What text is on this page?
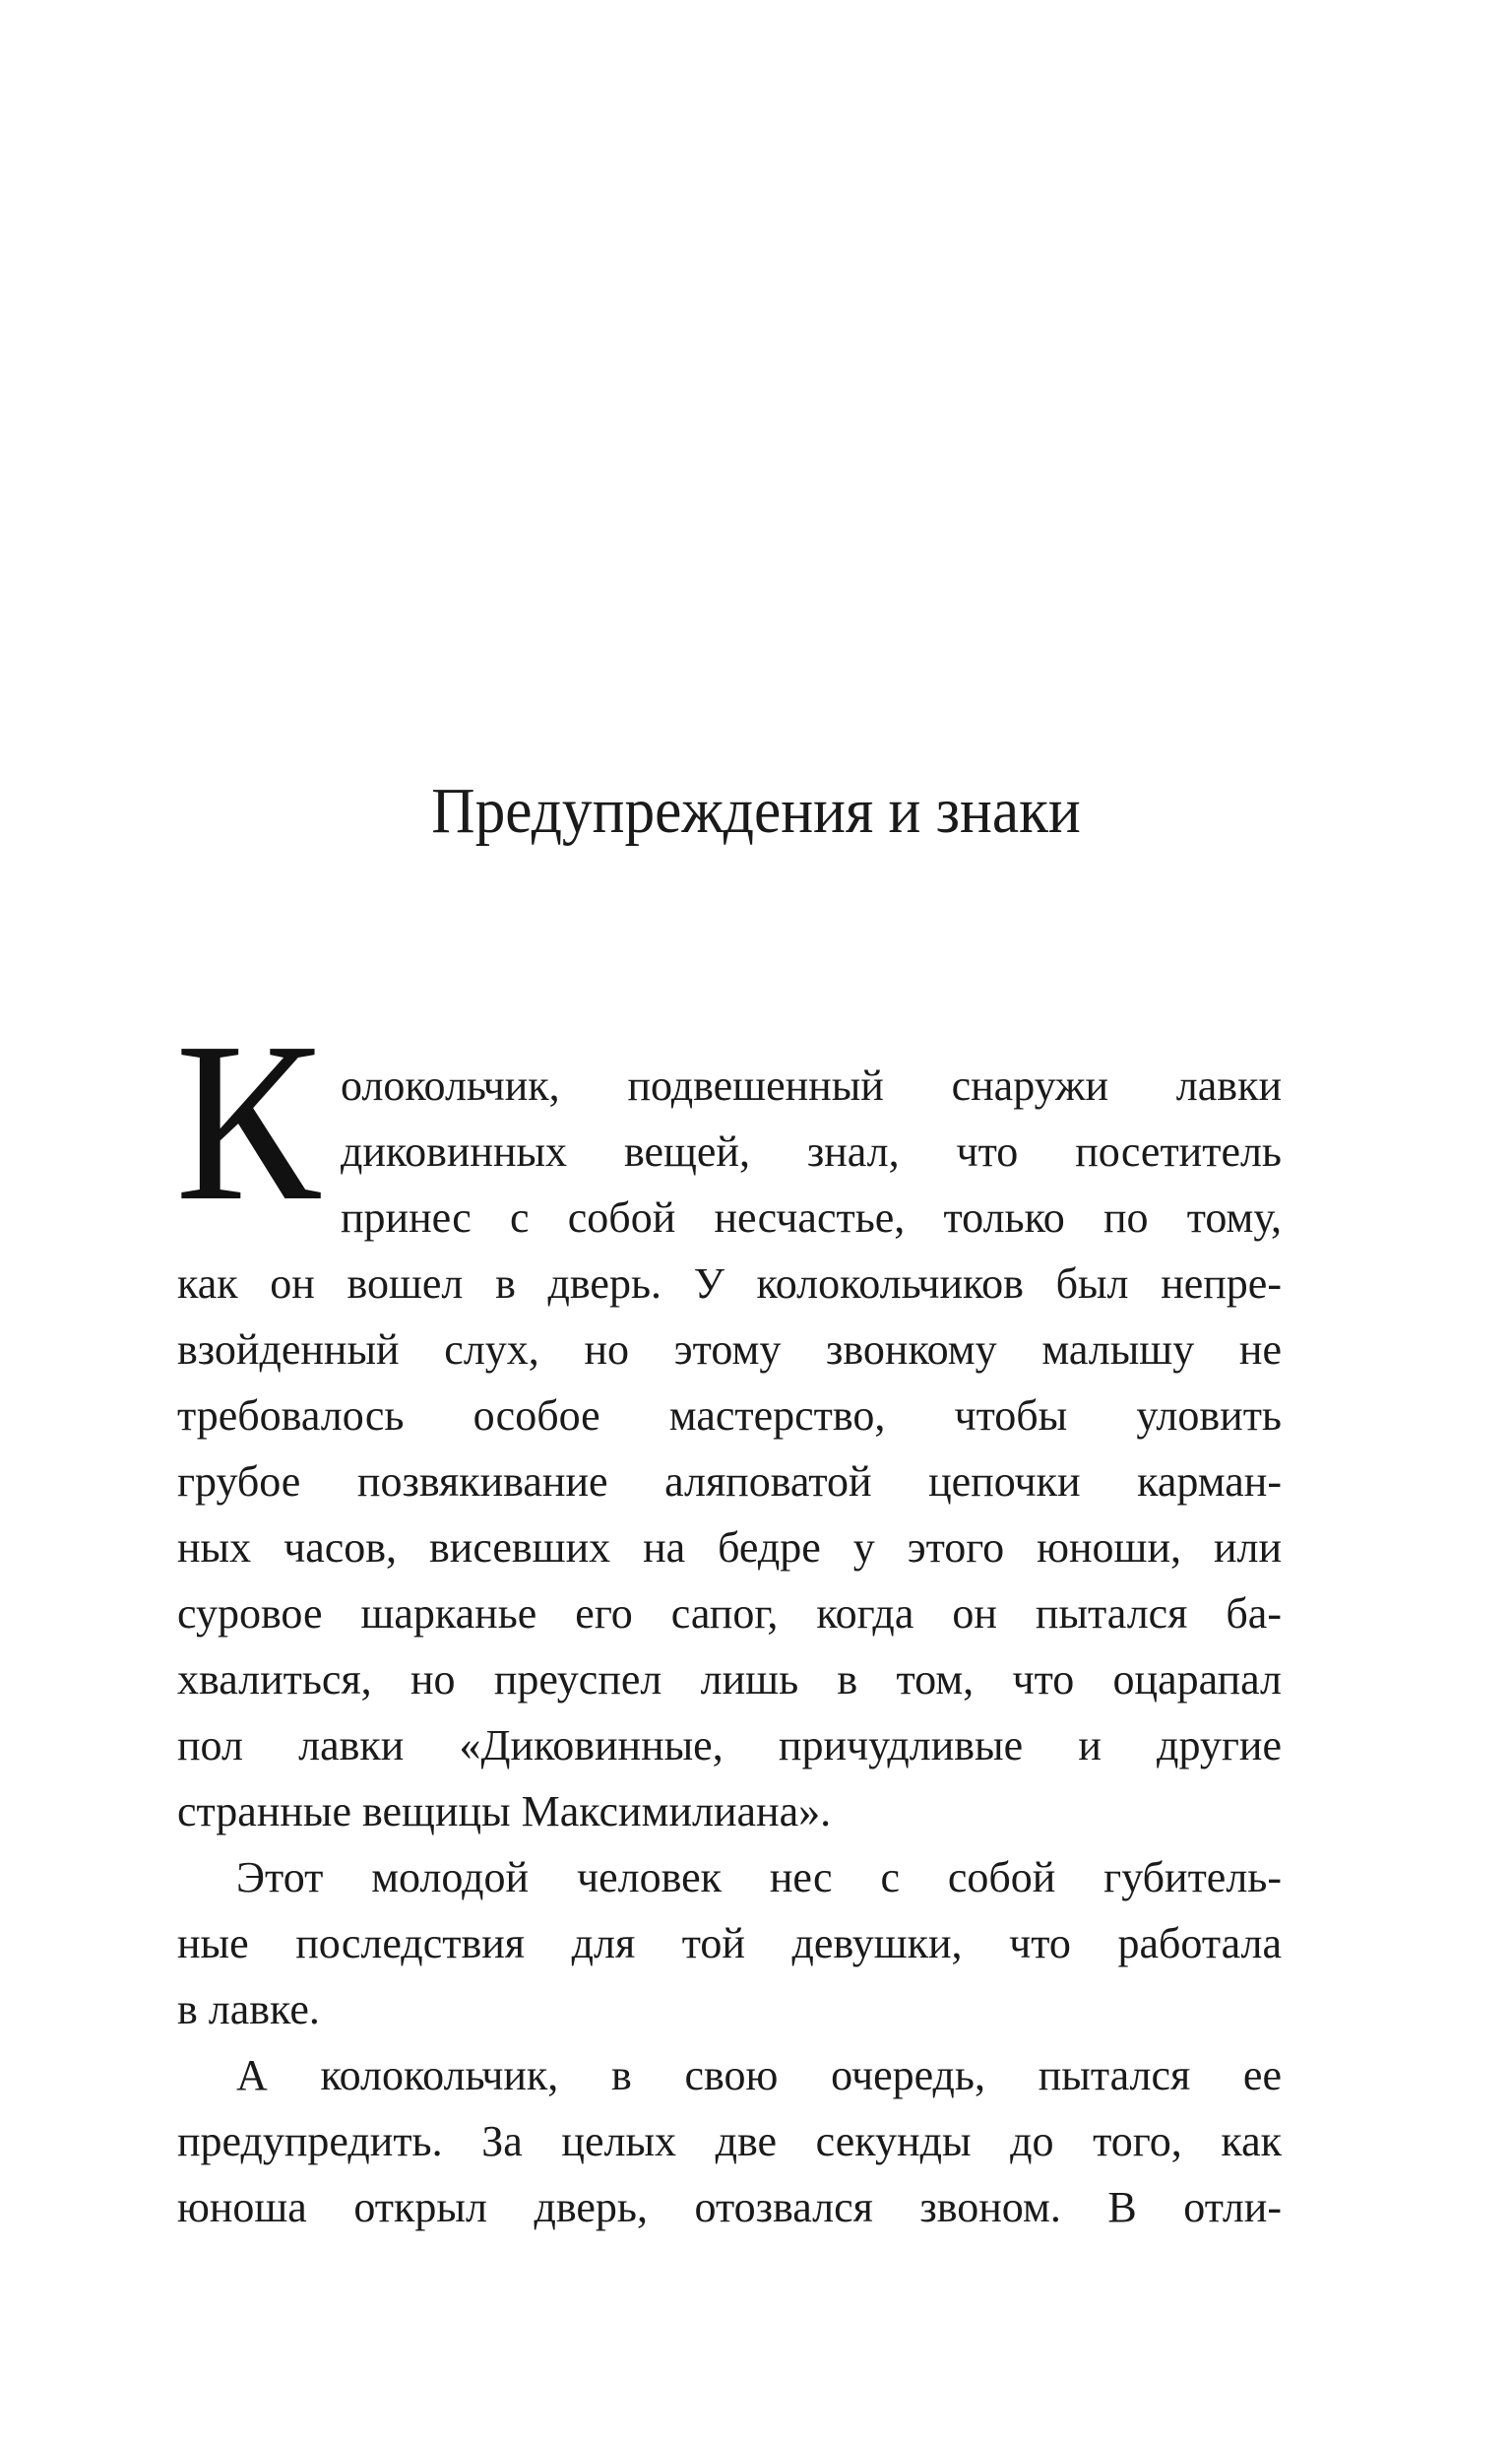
Предупреждения и знаки
К олокольчик, подвешенный снаружи лавки
диковинных вещей, знал, что посетитель
принес с собой несчастье, только по тому,
как он вошел в дверь. У колокольчиков был непре-
взойденный слух, но этому звонкому малышу не
требовалось особое мастерство, чтобы уловить
грубое позвякивание аляповатой цепочки карман-
ных часов, висевших на бедре у этого юноши, или
суровое шарканье его сапог, когда он пытался ба-
хвалиться, но преуспел лишь в том, что оцарапал
пол лавки «Диковинные, причудливые и другие
странные вещицы Максимилиана».
Этот молодой человек нес с собой губитель-
ные последствия для той девушки, что работала
в лавке.
А колокольчик, в свою очередь, пытался ее
предупредить. За целых две секунды до того, как
юноша открыл дверь, отозвался звоном. В отли-
